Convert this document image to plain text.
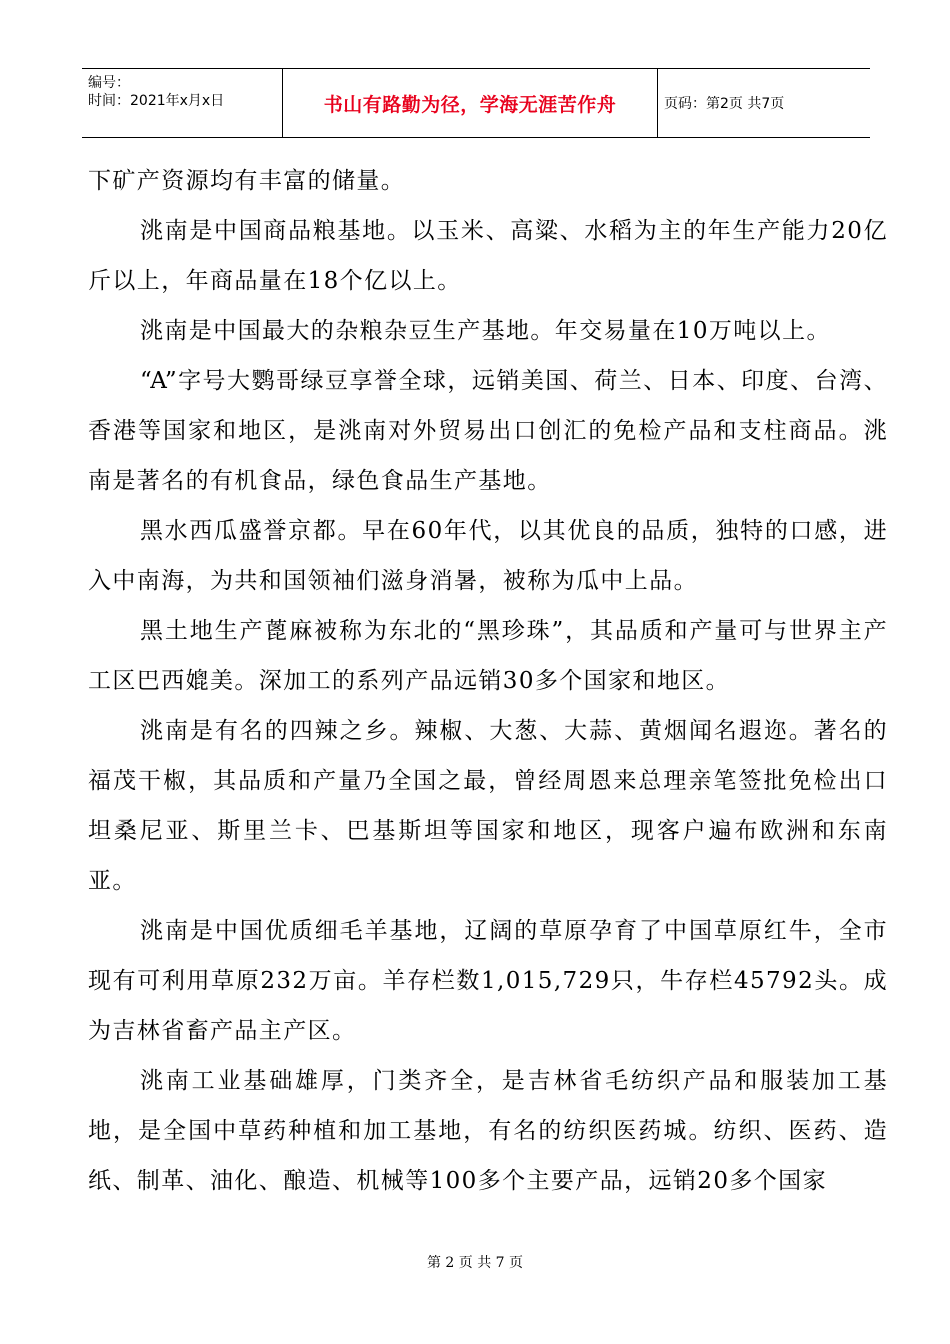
编号：
时间：2021年x月x日	书山有路勤为径，学海无涯苦作舟	页码：第2页 共7页

下矿产资源均有丰富的储量。

洮南是中国商品粮基地。以玉米、高粱、水稻为主的年生产能力20亿斤以上，年商品量在18个亿以上。

洮南是中国最大的杂粮杂豆生产基地。年交易量在10万吨以上。

“A”字号大鹦哥绿豆享誉全球，远销美国、荷兰、日本、印度、台湾、香港等国家和地区，是洮南对外贸易出口创汇的免检产品和支柱商品。洮南是著名的有机食品，绿色食品生产基地。

黑水西瓜盛誉京都。早在60年代，以其优良的品质，独特的口感，进入中南海，为共和国领袖们滋身消暑，被称为瓜中上品。

黑土地生产蓖麻被称为东北的“黑珍珠”，其品质和产量可与世界主产工区巴西媲美。深加工的系列产品远销30多个国家和地区。

洮南是有名的四辣之乡。辣椒、大葱、大蒜、黄烟闻名遐迩。著名的福茂干椒，其品质和产量乃全国之最，曾经周恩来总理亲笔签批免检出口坦桑尼亚、斯里兰卡、巴基斯坦等国家和地区，现客户遍布欧洲和东南亚。

洮南是中国优质细毛羊基地，辽阔的草原孕育了中国草原红牛，全市现有可利用草原232万亩。羊存栏数1,015,729只，牛存栏45792头。成为吉林省畜产品主产区。

洮南工业基础雄厚，门类齐全，是吉林省毛纺织产品和服装加工基地，是全国中草药种植和加工基地，有名的纺织医药城。纺织、医药、造纸、制革、油化、酿造、机械等100多个主要产品，远销20多个国家

第 2 页 共 7 页
